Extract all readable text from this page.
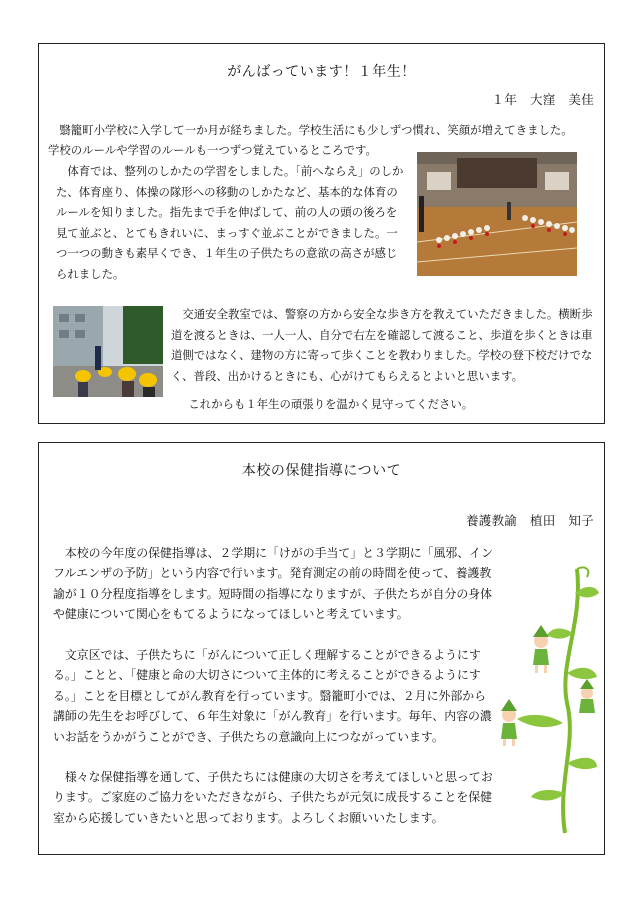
がんばっています！１年生！
１年　大窪　美佳

　翳籠町小学校に入学して一か月が経ちました。学校生活にも少しずつ慣れ、笑顔が増えてきました。

学校のルールや学習のルールも一つずつ覚えているところです。

　体育では、整列のしかたの学習をしました。「前へならえ」のしかた、体育座り、体操の隊形への移動のしかたなど、基本的な体育のルールを知りました。指先まで手を伸ばして、前の人の頭の後ろを見て並ぶと、とてもきれいに、まっすぐ並ぶことができました。一つ一つの動きも素早くでき、１年生の子供たちの意欲の高さが感じられました。

　交通安全教室では、警察の方から安全な歩き方を教えていただきました。横断歩道を渡るときは、一人一人、自分で右左を確認して渡ること、歩道を歩くときは車道側ではなく、建物の方に寄って歩くことを教わりました。学校の登下校だけでなく、普段、出かけるときにも、心がけてもらえるとよいと思います。

　これからも１年生の頑張りを温かく見守ってください。

本校の保健指導について
養護教諭　植田　知子

　本校の今年度の保健指導は、２学期に「けがの手当て」と３学期に「風邪、インフルエンザの予防」という内容で行います。発育測定の前の時間を使って、養護教諭が１０分程度指導をします。短時間の指導になりますが、子供たちが自分の身体や健康について関心をもてるようになってほしいと考えています。

　文京区では、子供たちに「がんについて正しく理解することができるようにする。」ことと、「健康と命の大切さについて主体的に考えることができるようにする。」ことを目標としてがん教育を行っています。翳籠町小では、２月に外部から講師の先生をお呼びして、６年生対象に「がん教育」を行います。毎年、内容の濃いお話をうかがうことができ、子供たちの意識向上につながっています。

　様々な保健指導を通して、子供たちには健康の大切さを考えてほしいと思っております。ご家庭のご協力をいただきながら、子供たちが元気に成長することを保健室から応援していきたいと思っております。よろしくお願いいたします。
